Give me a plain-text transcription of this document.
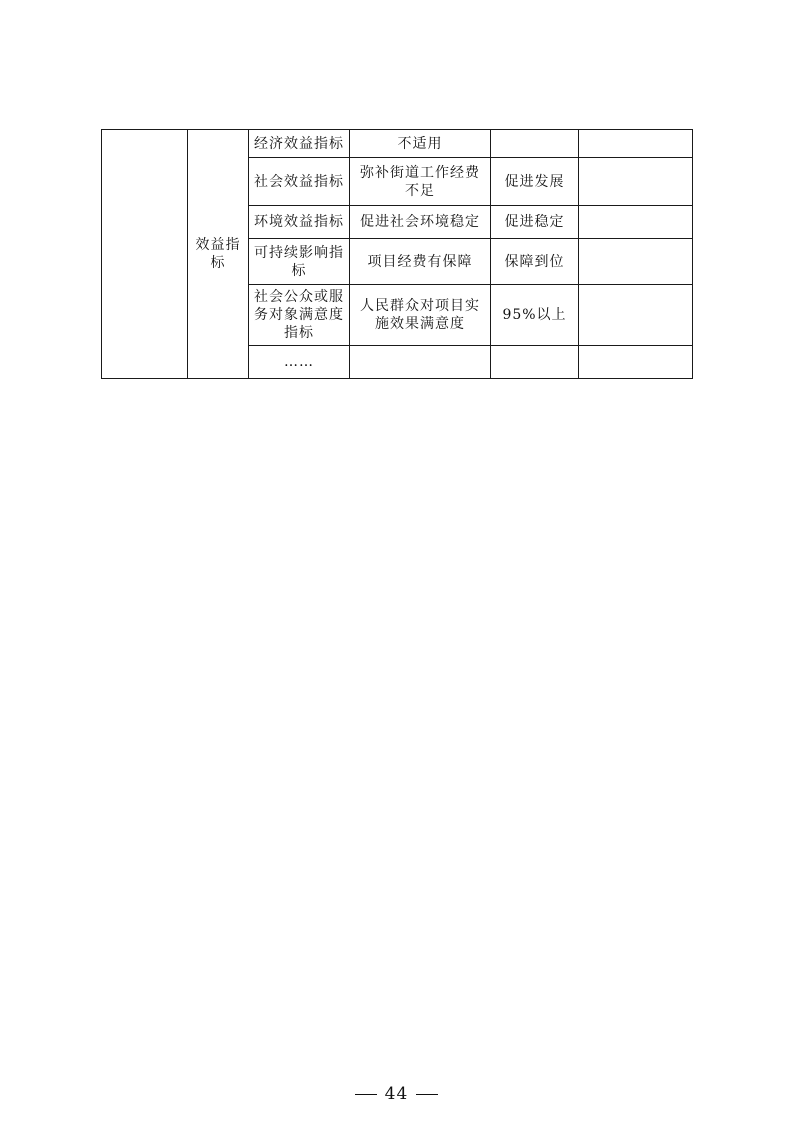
	效益指标	经济效益指标	不适用		
		社会效益指标	弥补街道工作经费不足	促进发展	
		环境效益指标	促进社会环境稳定	促进稳定	
		可持续影响指标	项目经费有保障	保障到位	
		社会公众或服务对象满意度指标	人民群众对项目实施效果满意度	95%以上	
		……			
44
